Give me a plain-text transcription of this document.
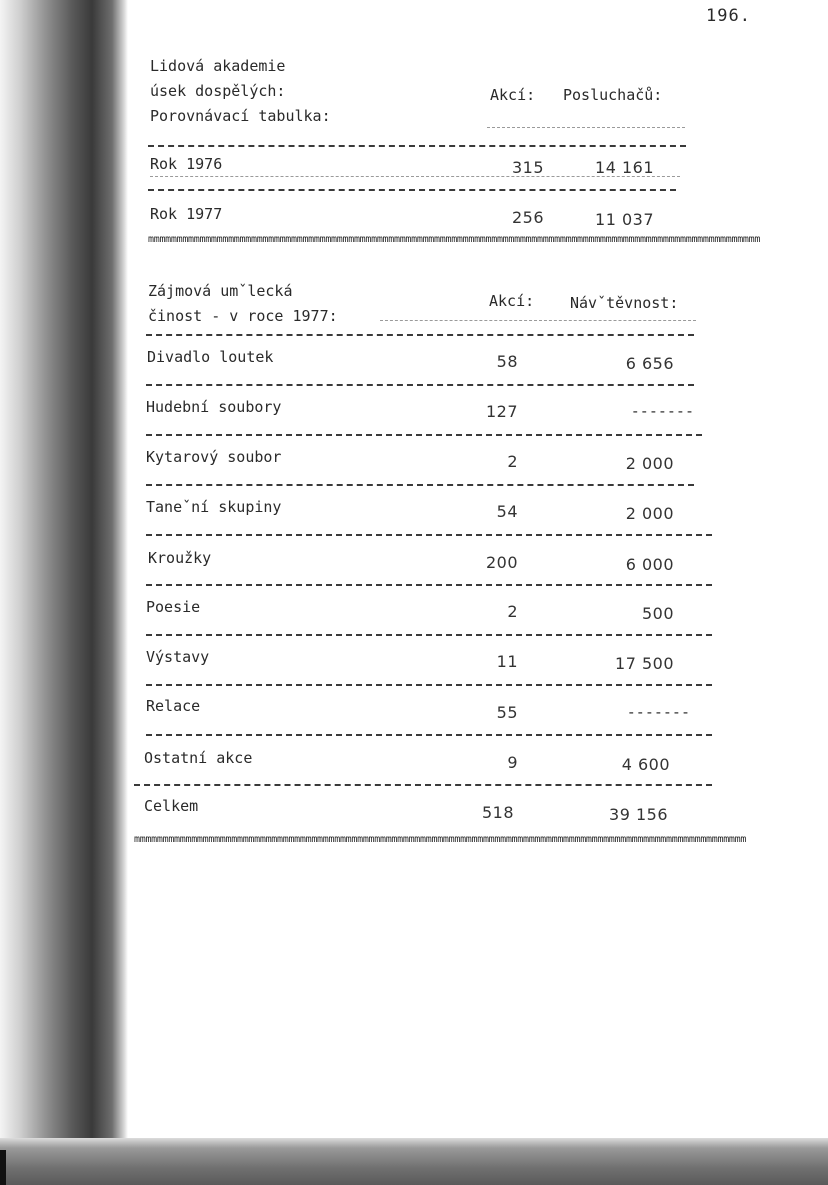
196.
Lidová akademie
úsek dospělých:
Porovnávací tabulka:
Akcí: Posluchačů:
Rok 1976	315	14 161
Rok 1977	256	11 037
mmmmmmmmmmmmmmmmmmmmmmmmmmmmmmmmmmmmmmmmmmmmmmmmmmmmmmmmmmmmmmmmmmmmmmmmmmmmmmmmmmmmmmmmmmmmmmmmmmmmmmmmmmm
Zájmová umˇlecká
činost - v roce 1977:
Akcí: Návˇtěvnost:
Divadlo loutek	58	6 656
Hudební soubory	127	-------
Kytarový soubor	2	2 000
Taneˇní skupiny	54	2 000
Kroužky	200	6 000
Poesie	2	500
Výstavy	11	17 500
Relace	55	-------
Ostatní akce	9	4 600
Celkem	518	39 156
mmmmmmmmmmmmmmmmmmmmmmmmmmmmmmmmmmmmmmmmmmmmmmmmmmmmmmmmmmmmmmmmmmmmmmmmmmmmmmmmmmmmmmmmmmmmmmmmmmmmmmmmmmm
